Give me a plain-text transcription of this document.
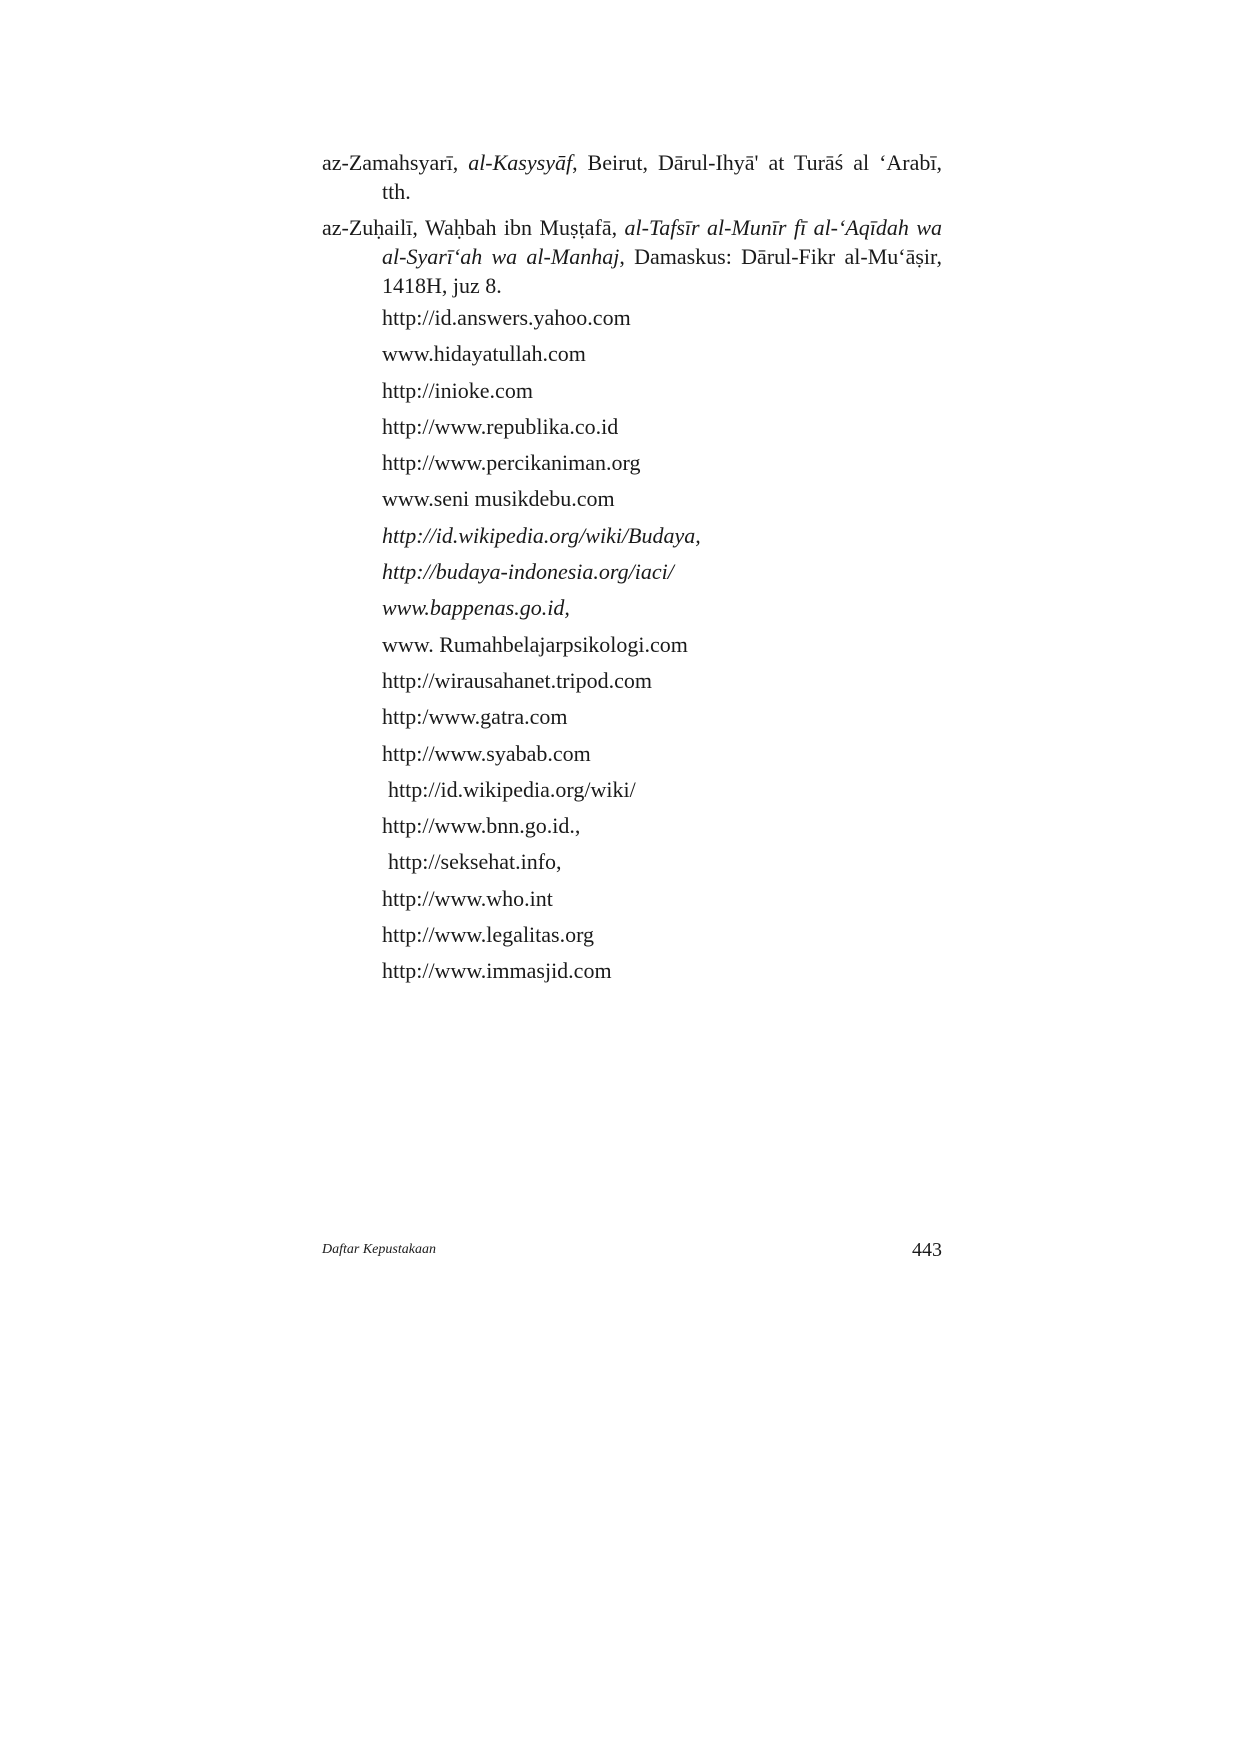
az-Zamahsyarī, al-Kasysyāf, Beirut, Dārul-Ihyā' at Turāś al ‘Arabī, tth.

az-Zuḥailī, Waḥbah ibn Muṣṭafā, al-Tafsīr al-Munīr fī al-‘Aqīdah wa al-Syarī‘ah wa al-Manhaj, Damaskus: Dārul-Fikr al-Mu‘āṣir, 1418H, juz 8.

http://id.answers.yahoo.com
www.hidayatullah.com
http://inioke.com
http://www.republika.co.id
http://www.percikaniman.org
www.seni musikdebu.com
http://id.wikipedia.org/wiki/Budaya,
http://budaya-indonesia.org/iaci/
www.bappenas.go.id,
www. Rumahbelajarpsikologi.com
http://wirausahanet.tripod.com
http:/www.gatra.com
http://www.syabab.com
http://id.wikipedia.org/wiki/
http://www.bnn.go.id.,
http://seksehat.info,
http://www.who.int
http://www.legalitas.org
http://www.immasjid.com
Daftar Kepustakaan	443
